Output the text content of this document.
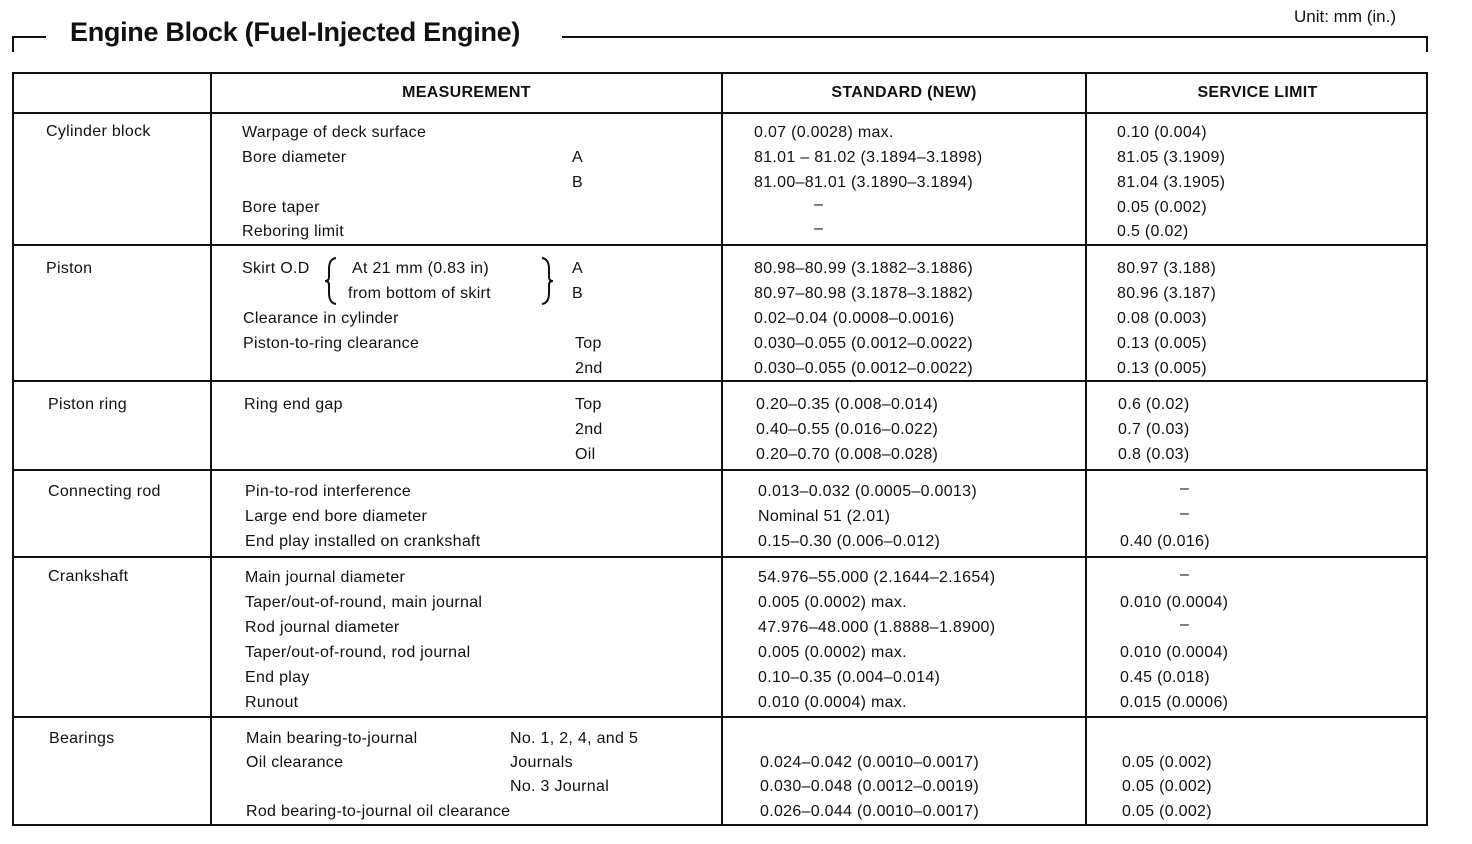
Engine Block (Fuel-Injected Engine)
Unit: mm (in.)
MEASUREMENT	STANDARD (NEW)	SERVICE LIMIT
Cylinder block	Warpage of deck surface	0.07 (0.0028) max.	0.10 (0.004)
Bore diameter	A	81.01 – 81.02 (3.1894–3.1898)	81.05 (3.1909)
B	81.00–81.01 (3.1890–3.1894)	81.04 (3.1905)
Bore taper	–	0.05 (0.002)
Reboring limit	–	0.5 (0.02)
Piston	Skirt O.D	At 21 mm (0.83 in)
from bottom of skirt
A	80.98–80.99 (3.1882–3.1886)	80.97 (3.188)
B	80.97–80.98 (3.1878–3.1882)	80.96 (3.187)
Clearance in cylinder	0.02–0.04 (0.0008–0.0016)	0.08 (0.003)
Piston-to-ring clearance	Top	0.030–0.055 (0.0012–0.0022)	0.13 (0.005)
2nd	0.030–0.055 (0.0012–0.0022)	0.13 (0.005)
Piston ring	Ring end gap	Top	0.20–0.35 (0.008–0.014)	0.6 (0.02)
2nd	0.40–0.55 (0.016–0.022)	0.7 (0.03)
Oil	0.20–0.70 (0.008–0.028)	0.8 (0.03)
Connecting rod	Pin-to-rod interference	0.013–0.032 (0.0005–0.0013)	–
Large end bore diameter	Nominal 51 (2.01)	–
End play installed on crankshaft	0.15–0.30 (0.006–0.012)	0.40 (0.016)
Crankshaft	Main journal diameter	54.976–55.000 (2.1644–2.1654)	–
Taper/out-of-round, main journal	0.005 (0.0002) max.	0.010 (0.0004)
Rod journal diameter	47.976–48.000 (1.8888–1.8900)	–
Taper/out-of-round, rod journal	0.005 (0.0002) max.	0.010 (0.0004)
End play	0.10–0.35 (0.004–0.014)	0.45 (0.018)
Runout	0.010 (0.0004) max.	0.015 (0.0006)
Bearings	Main bearing-to-journal	No. 1, 2, 4, and 5
Oil clearance	Journals	0.024–0.042 (0.0010–0.0017)	0.05 (0.002)
No. 3 Journal	0.030–0.048 (0.0012–0.0019)	0.05 (0.002)
Rod bearing-to-journal oil clearance	0.026–0.044 (0.0010–0.0017)	0.05 (0.002)
